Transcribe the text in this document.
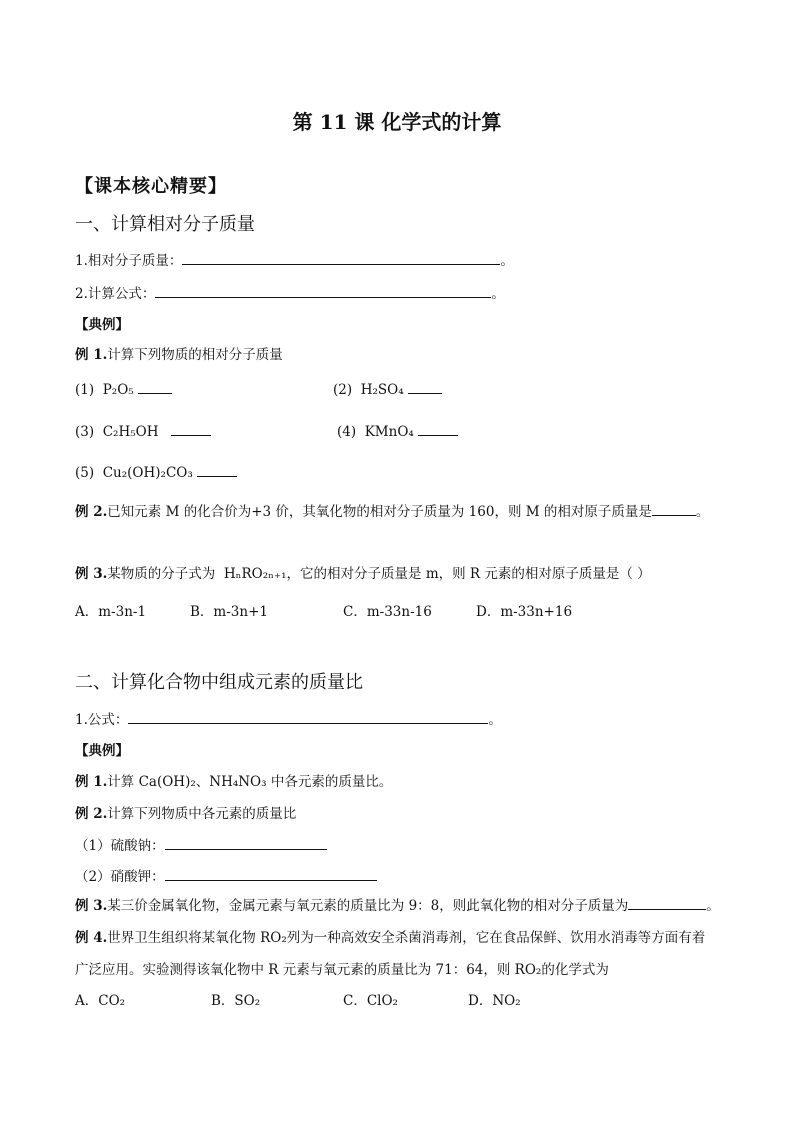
第 11 课 化学式的计算
【课本核心精要】
一、计算相对分子质量
1.相对分子质量：	。
2.计算公式：	。
【典例】
例 1.计算下列物质的相对分子质量
(1) P₂O₅	(2) H₂SO₄
(3) C₂H₅OH	(4) KMnO₄
(5) Cu₂(OH)₂CO₃
例 2.已知元素 M 的化合价为+3 价，其氧化物的相对分子质量为 160，则 M 的相对原子质量是	。
例 3.某物质的分子式为 HₙRO₂ₙ₊₁，它的相对分子质量是 m，则 R 元素的相对原子质量是（ ）
A．m-3n-1	B．m-3n+1	C．m-33n-16	D．m-33n+16
二、计算化合物中组成元素的质量比
1.公式：	。
【典例】
例 1.计算 Ca(OH)₂、NH₄NO₃ 中各元素的质量比。
例 2.计算下列物质中各元素的质量比
（1）硫酸钠：
（2）硝酸钾：
例 3.某三价金属氧化物，金属元素与氧元素的质量比为 9：8，则此氧化物的相对分子质量为	。
例 4.世界卫生组织将某氧化物 RO₂列为一种高效安全杀菌消毒剂，它在食品保鲜、饮用水消毒等方面有着
广泛应用。实验测得该氧化物中 R 元素与氧元素的质量比为 71：64，则 RO₂的化学式为
A．CO₂	B．SO₂	C．ClO₂	D．NO₂
